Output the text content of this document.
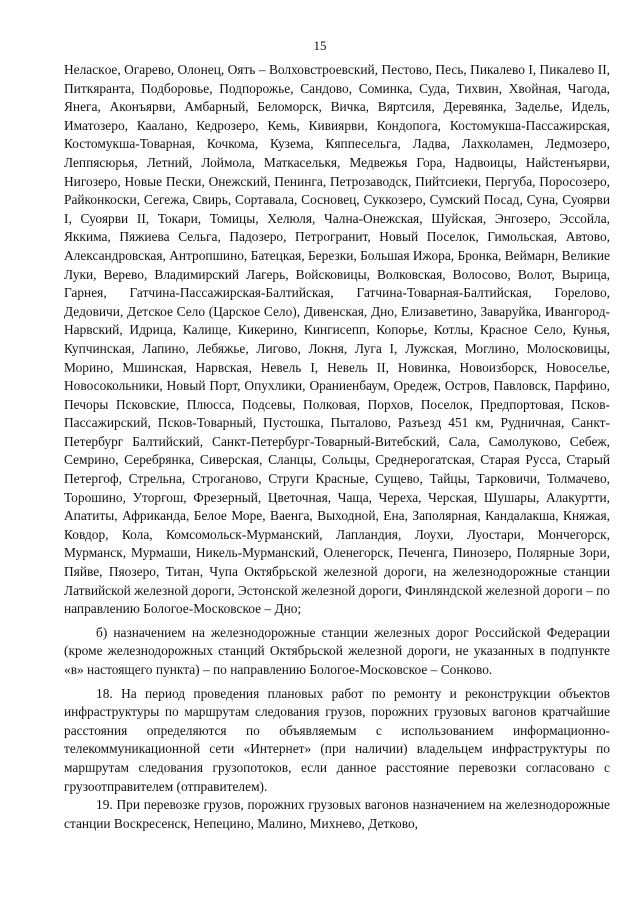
15

Неласкoе, Огарево, Олонец, Оять – Волховстроевский, Пестово, Песь, Пикалево I, Пикалево II, Питкяранта, Подборовье, Подпорожье, Сандово, Соминка, Суда, Тихвин, Хвойная, Чагода, Янега, Аконъярви, Амбарный, Беломорск, Вичка, Вяртсиля, Деревянка, Заделье, Идель, Иматозеро, Каалано, Кедрозеро, Кемь, Кивиярви, Кондопога, Костомукша-Пассажирская, Костомукша-Товарная, Кочкома, Кузема, Кяппесельга, Ладва, Лахколамен, Ледмозеро, Леппясюрья, Летний, Лоймола, Маткаселькя, Медвежья Гора, Надвоицы, Найстенъярви, Нигозеро, Новые Пески, Онежский, Пенинга, Петрозаводск, Пийтсиеки, Пергуба, Поросозеро, Райконкоски, Сегежа, Свирь, Сортавала, Сосновец, Суккозеро, Сумский Посад, Суна, Суоярви I, Суоярви II, Токари, Томицы, Хелюля, Чална-Онежская, Шуйская, Энгозеро, Эссойла, Яккима, Пяжиева Сельга, Падозеро, Петрогранит, Новый Поселок, Гимольская, Автово, Александровская, Антропшино, Батецкая, Березки, Большая Ижора, Бронка, Веймарн, Великие Луки, Верево, Владимирский Лагерь, Войсковицы, Волковская, Волосово, Волот, Вырица, Гарнея, Гатчина-Пассажирская-Балтийская, Гатчина-Товарная-Балтийская, Горелово, Дедовичи, Детское Село (Царское Село), Дивенская, Дно, Елизаветино, Заваруйка, Ивангород-Нарвский, Идрица, Калище, Кикерино, Кингисепп, Копорье, Котлы, Красное Село, Кунья, Купчинская, Лапино, Лебяжье, Лигово, Локня, Луга I, Лужская, Моглино, Молосковицы, Морино, Мшинская, Нарвская, Невель I, Невель II, Новинка, Новоизборск, Новоселье, Новосокольники, Новый Порт, Опухлики, Ораниенбаум, Оредеж, Остров, Павловск, Парфино, Печоры Псковские, Плюсса, Подсевы, Полковая, Порхов, Поселок, Предпортовая, Псков-Пассажирский, Псков-Товарный, Пустошка, Пыталово, Разъезд 451 км, Рудничная, Санкт-Петербург Балтийский, Санкт-Петербург-Товарный-Витебский, Сала, Самолуково, Себеж, Семрино, Серебрянка, Сиверская, Сланцы, Сольцы, Среднерогатская, Старая Русса, Старый Петергоф, Стрельна, Строганово, Струги Красные, Сущево, Тайцы, Тарковичи, Толмачево, Торошино, Уторгош, Фрезерный, Цветочная, Чаща, Череха, Черская, Шушары, Алакуртти, Апатиты, Африканда, Белое Море, Ваенга, Выходной, Ена, Заполярная, Кандалакша, Княжая, Ковдор, Кола, Комсомольск-Мурманский, Лапландия, Лоухи, Луостари, Мончегорск, Мурманск, Мурмаши, Никель-Мурманский, Оленегорск, Печенга, Пинозеро, Полярные Зори, Пяйве, Пяозеро, Титан, Чупа Октябрьской железной дороги, на железнодорожные станции Латвийской железной дороги, Эстонской железной дороги, Финляндской железной дороги – по направлению Бологое-Московское – Дно;

б) назначением на железнодорожные станции железных дорог Российской Федерации (кроме железнодорожных станций Октябрьской железной дороги, не указанных в подпункте «в» настоящего пункта) – по направлению Бологое-Московское – Сонково.

18. На период проведения плановых работ по ремонту и реконструкции объектов инфраструктуры по маршрутам следования грузов, порожних грузовых вагонов кратчайшие расстояния определяются по объявляемым с использованием информационно-телекоммуникационной сети «Интернет» (при наличии) владельцем инфраструктуры по маршрутам следования грузопотоков, если данное расстояние перевозки согласовано с грузоотправителем (отправителем).

19. При перевозке грузов, порожних грузовых вагонов назначением на железнодорожные станции Воскресенск, Непецино, Малино, Михнево, Детково,
